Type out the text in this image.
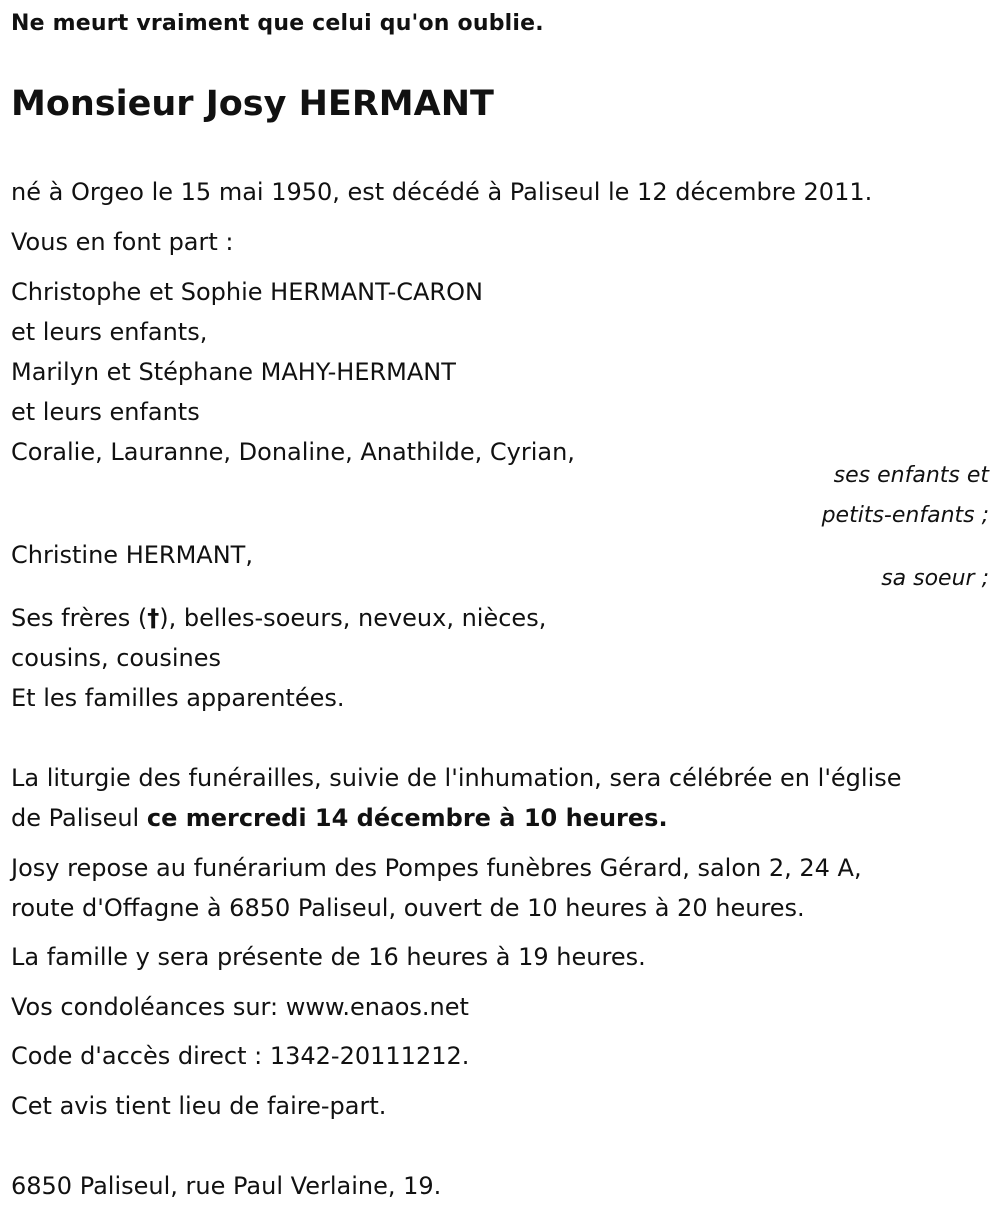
Ne meurt vraiment que celui qu'on oublie.
Monsieur Josy HERMANT
né à Orgeo le 15 mai 1950, est décédé à Paliseul le 12 décembre 2011.
Vous en font part :
Christophe et Sophie HERMANT-CARON
et leurs enfants,
Marilyn et Stéphane MAHY-HERMANT
et leurs enfants
Coralie, Lauranne, Donaline, Anathilde, Cyrian,
ses enfants et
petits-enfants ;
Christine HERMANT,
sa soeur ;
Ses frères (†), belles-soeurs, neveux, nièces,
cousins, cousines
Et les familles apparentées.
La liturgie des funérailles, suivie de l'inhumation, sera célébrée en l'église
de Paliseul ce mercredi 14 décembre à 10 heures.
Josy repose au funérarium des Pompes funèbres Gérard, salon 2, 24 A,
route d'Offagne à 6850 Paliseul, ouvert de 10 heures à 20 heures.
La famille y sera présente de 16 heures à 19 heures.
Vos condoléances sur: www.enaos.net
Code d'accès direct : 1342-20111212.
Cet avis tient lieu de faire-part.
6850 Paliseul, rue Paul Verlaine, 19.
